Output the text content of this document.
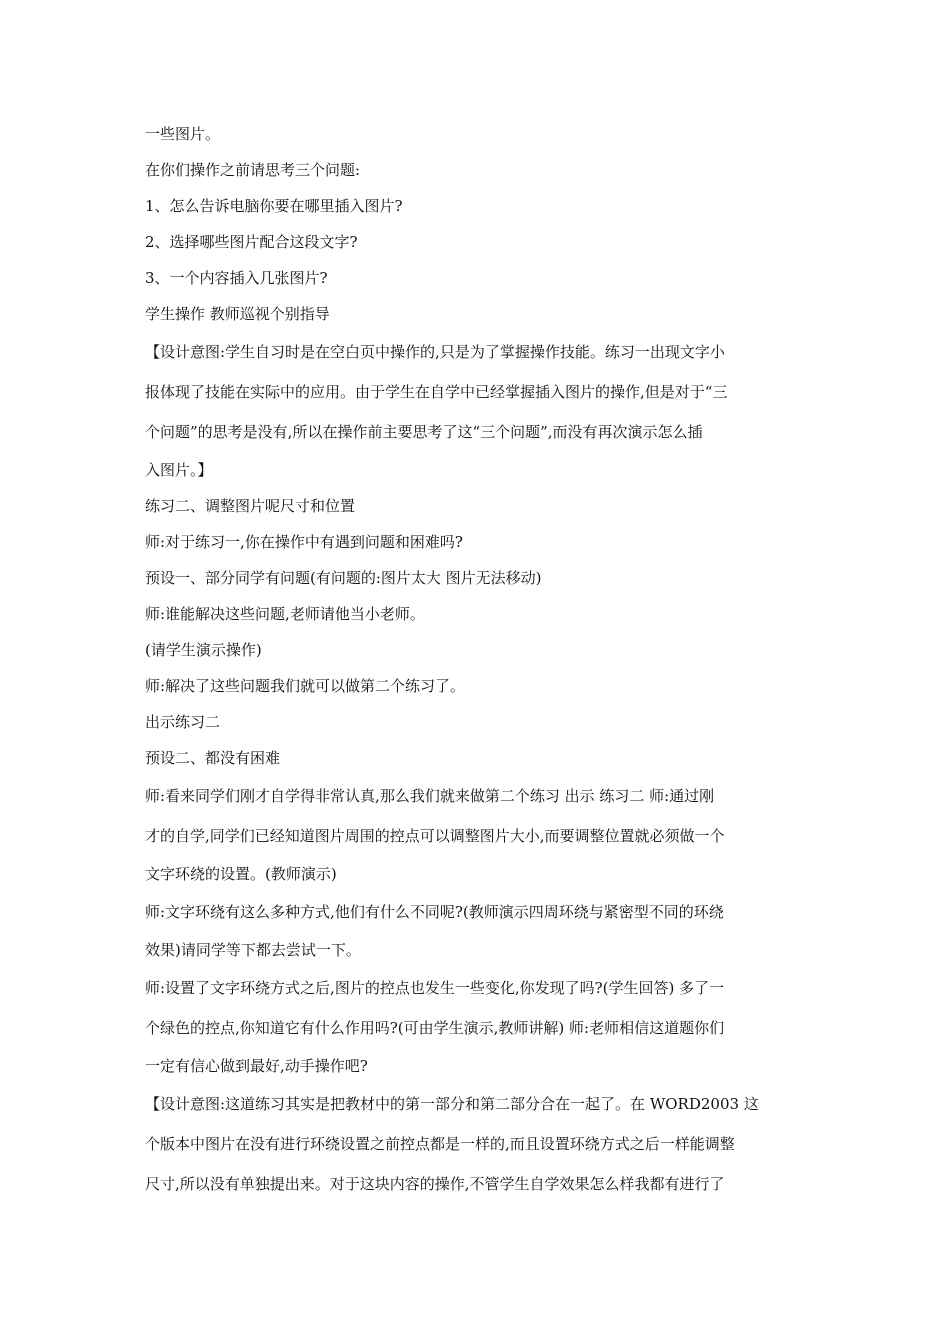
一些图片。
在你们操作之前请思考三个问题:
1、怎么告诉电脑你要在哪里插入图片?
2、选择哪些图片配合这段文字?
3、一个内容插入几张图片?
学生操作 教师巡视个别指导
【设计意图:学生自习时是在空白页中操作的,只是为了掌握操作技能。练习一出现文字小
报体现了技能在实际中的应用。由于学生在自学中已经掌握插入图片的操作,但是对于“三
个问题”的思考是没有,所以在操作前主要思考了这“三个问题”,而没有再次演示怎么插
入图片。】
练习二、调整图片呢尺寸和位置
师:对于练习一,你在操作中有遇到问题和困难吗?
预设一、部分同学有问题(有问题的:图片太大 图片无法移动)
师:谁能解决这些问题,老师请他当小老师。
(请学生演示操作)
师:解决了这些问题我们就可以做第二个练习了。
出示练习二
预设二、都没有困难
师:看来同学们刚才自学得非常认真,那么我们就来做第二个练习 出示 练习二 师:通过刚
才的自学,同学们已经知道图片周围的控点可以调整图片大小,而要调整位置就必须做一个
文字环绕的设置。(教师演示)
师:文字环绕有这么多种方式,他们有什么不同呢?(教师演示四周环绕与紧密型不同的环绕
效果)请同学等下都去尝试一下。
师:设置了文字环绕方式之后,图片的控点也发生一些变化,你发现了吗?(学生回答) 多了一
个绿色的控点,你知道它有什么作用吗?(可由学生演示,教师讲解) 师:老师相信这道题你们
一定有信心做到最好,动手操作吧?
【设计意图:这道练习其实是把教材中的第一部分和第二部分合在一起了。在 WORD2003 这
个版本中图片在没有进行环绕设置之前控点都是一样的,而且设置环绕方式之后一样能调整
尺寸,所以没有单独提出来。对于这块内容的操作,不管学生自学效果怎么样我都有进行了
